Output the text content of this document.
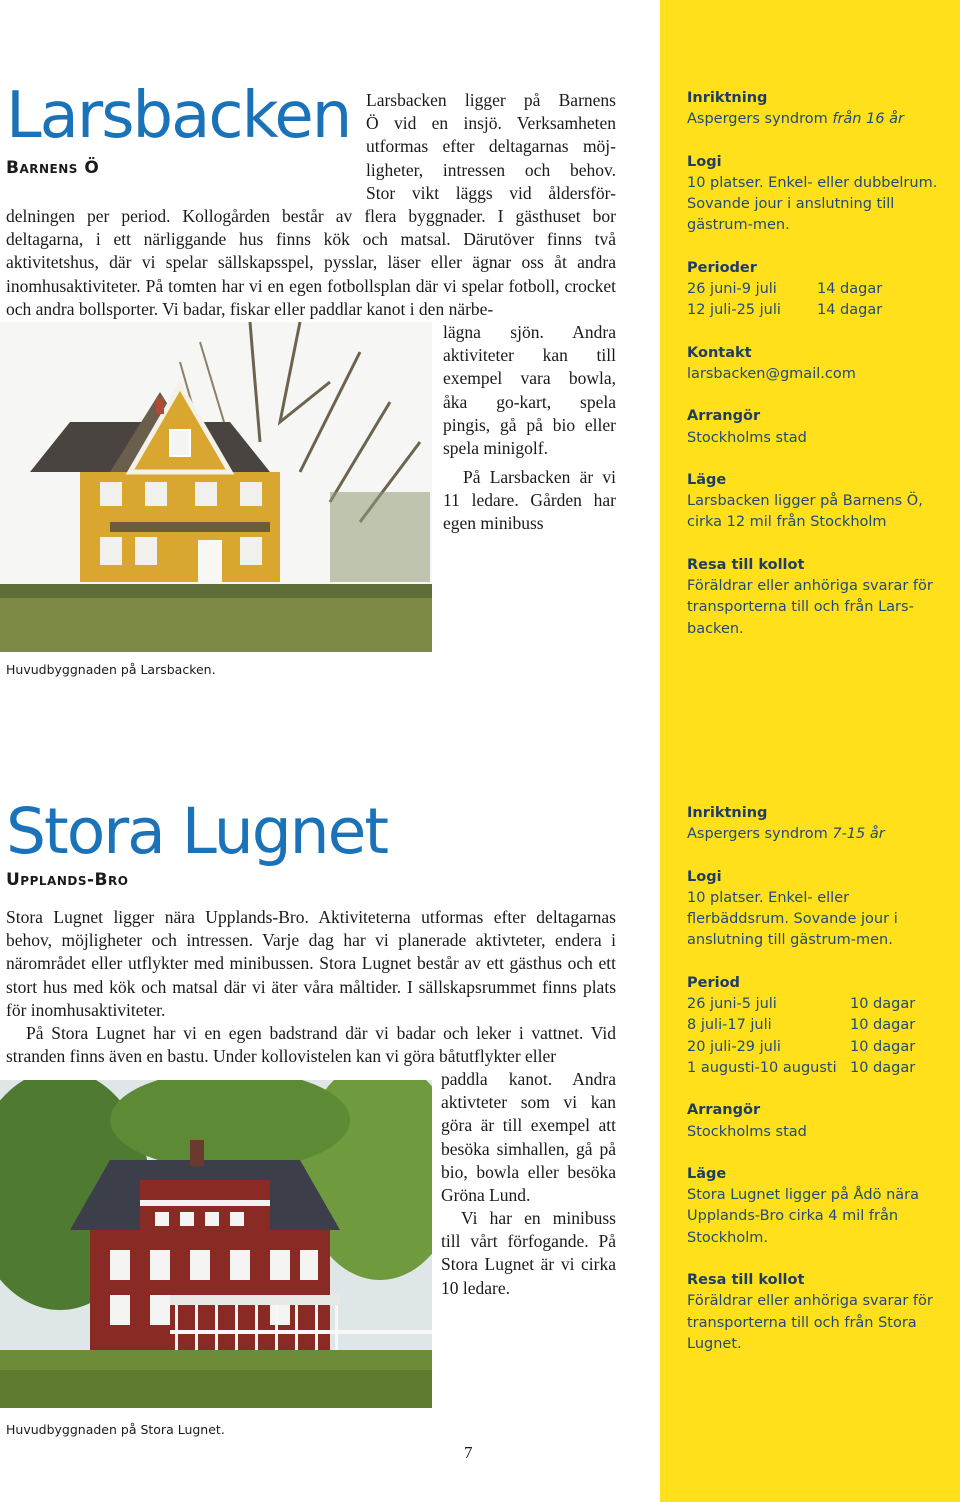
Larsbacken
Barnens Ö

Larsbacken ligger på Barnens

Ö vid en insjö. Verksamheten

utformas efter deltagarnas möj-

ligheter, intressen och behov.

Stor vikt läggs vid åldersför-

delningen per period. Kollogården består av flera byggnader. I gästhuset bor deltagarna, i ett närliggande hus finns kök och matsal. Därutöver finns två aktivitetshus, där vi spelar sällskapsspel, pysslar, läser eller ägnar oss åt andra inomhusaktiviteter. På tomten har vi en egen fotbollsplan där vi spelar fotboll, crocket och andra bollsporter. Vi badar, fiskar eller paddlar kanot i den närbe-

lägna sjön. Andra aktiviteter kan till exempel vara bowla, åka go-kart, spela pingis, gå på bio eller spela minigolf.

På Larsbacken är vi 11 ledare. Gården har egen minibuss

Huvudbyggnaden på Larsbacken.

Inriktning
Aspergers syndrom från 16 år
Logi
10 platser. Enkel- eller dubbelrum. Sovande jour i anslutning till gästrum-men.
Perioder
26 juni-9 juli	14 dagar
12 juli-25 juli	14 dagar
Kontakt
larsbacken@gmail.com
Arrangör
Stockholms stad
Läge
Larsbacken ligger på Barnens Ö, cirka 12 mil från Stockholm
Resa till kollot
Föräldrar eller anhöriga svarar för transporterna till och från Lars-backen.
Stora Lugnet
Upplands-Bro

Stora Lugnet ligger nära Upplands-Bro. Aktiviteterna utformas efter deltagarnas behov, möjligheter och intressen. Varje dag har vi planerade aktivteter, endera i närområdet eller utflykter med minibussen. Stora Lugnet består av ett gästhus och ett stort hus med kök och matsal där vi äter våra måltider. I sällskapsrummet finns plats för inomhusaktiviteter.

På Stora Lugnet har vi en egen badstrand där vi badar och leker i vattnet. Vid stranden finns även en bastu. Under kollovistelen kan vi göra båtutflykter eller

paddla kanot. Andra aktivteter som vi kan göra är till exempel att besöka simhallen, gå på bio, bowla eller besöka Gröna Lund.

Vi har en minibuss till vårt förfogande. På Stora Lugnet är vi cirka 10 ledare.

Huvudbyggnaden på Stora Lugnet.

Inriktning
Aspergers syndrom 7-15 år
Logi
10 platser. Enkel- eller flerbäddsrum. Sovande jour i anslutning till gästrum-men.
Period
26 juni-5 juli	10 dagar
8 juli-17 juli	10 dagar
20 juli-29 juli	10 dagar
1 augusti-10 augusti 10 dagar
Arrangör
Stockholms stad
Läge
Stora Lugnet ligger på Ådö nära Upplands-Bro cirka 4 mil från Stockholm.
Resa till kollot
Föräldrar eller anhöriga svarar för transporterna till och från Stora Lugnet.

7
